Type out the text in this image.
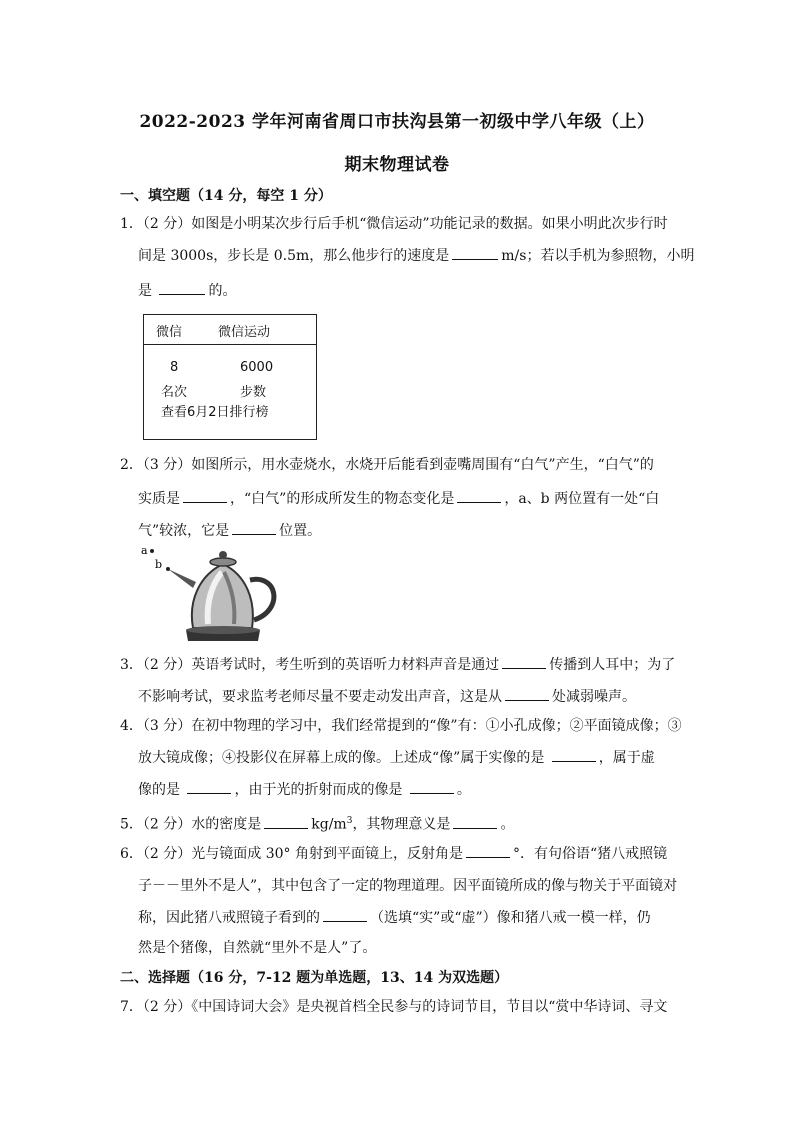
2022-2023 学年河南省周口市扶沟县第一初级中学八年级（上）
期末物理试卷
一、填空题（14 分，每空 1 分）
1．（2 分）如图是小明某次步行后手机“微信运动”功能记录的数据。如果小明此次步行时
间是 3000s，步长是 0.5m，那么他步行的速度是	m/s；若以手机为参照物，小明
是	的。
微信	微信运动
8	6000
名次	步数
查看6月2日排行榜
2．（3 分）如图所示，用水壶烧水，水烧开后能看到壶嘴周围有“白气”产生，“白气”的
实质是	，“白气”的形成所发生的物态变化是	，a、b 两位置有一处“白
气”较浓，它是	位置。
a
b
3．（2 分）英语考试时，考生听到的英语听力材料声音是通过	传播到人耳中；为了
不影响考试，要求监考老师尽量不要走动发出声音，这是从	处减弱噪声。
4．（3 分）在初中物理的学习中，我们经常提到的“像”有：①小孔成像；②平面镜成像；③
放大镜成像；④投影仪在屏幕上成的像。上述成“像”属于实像的是	，属于虚
像的是	，由于光的折射而成的像是	。
5．（2 分）水的密度是	$kg/m^3$，其物理意义是	。
6．（2 分）光与镜面成 30° 角射到平面镜上，反射角是	°．有句俗语“猪八戒照镜
子－－里外不是人”，其中包含了一定的物理道理。因平面镜所成的像与物关于平面镜对
称，因此猪八戒照镜子看到的	（选填“实”或“虚”）像和猪八戒一模一样，仍
然是个猪像，自然就“里外不是人”了。
二、选择题（16 分，7-12 题为单选题，13、14 为双选题）
7．（2 分）《中国诗词大会》是央视首档全民参与的诗词节目，节目以“赏中华诗词、寻文
